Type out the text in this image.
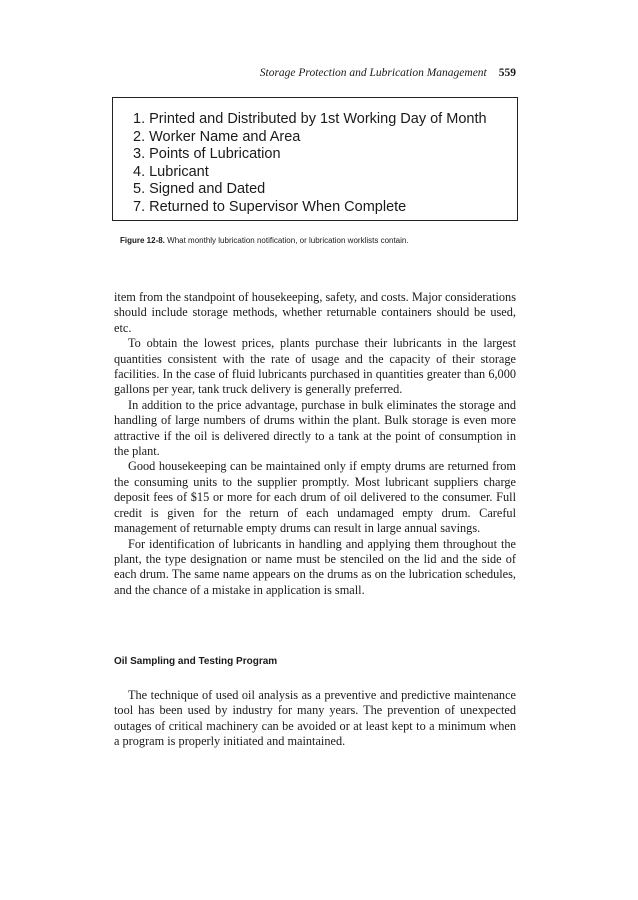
Storage Protection and Lubrication Management 559
1. Printed and Distributed by 1st Working Day of Month
2. Worker Name and Area
3. Points of Lubrication
4. Lubricant
5. Signed and Dated
7. Returned to Supervisor When Complete
Figure 12-8. What monthly lubrication notification, or lubrication worklists contain.

item from the standpoint of housekeeping, safety, and costs. Major considerations should include storage methods, whether returnable containers should be used, etc.

To obtain the lowest prices, plants purchase their lubricants in the largest quantities consistent with the rate of usage and the capacity of their storage facilities. In the case of fluid lubricants purchased in quantities greater than 6,000 gallons per year, tank truck delivery is generally preferred.

In addition to the price advantage, purchase in bulk eliminates the storage and handling of large numbers of drums within the plant. Bulk storage is even more attractive if the oil is delivered directly to a tank at the point of consumption in the plant.

Good housekeeping can be maintained only if empty drums are returned from the consuming units to the supplier promptly. Most lubricant suppliers charge deposit fees of $15 or more for each drum of oil delivered to the consumer. Full credit is given for the return of each undamaged empty drum. Careful management of returnable empty drums can result in large annual savings.

For identification of lubricants in handling and applying them throughout the plant, the type designation or name must be stenciled on the lid and the side of each drum. The same name appears on the drums as on the lubrication schedules, and the chance of a mistake in application is small.

Oil Sampling and Testing Program

The technique of used oil analysis as a preventive and predictive maintenance tool has been used by industry for many years. The prevention of unexpected outages of critical machinery can be avoided or at least kept to a minimum when a program is properly initiated and maintained.
